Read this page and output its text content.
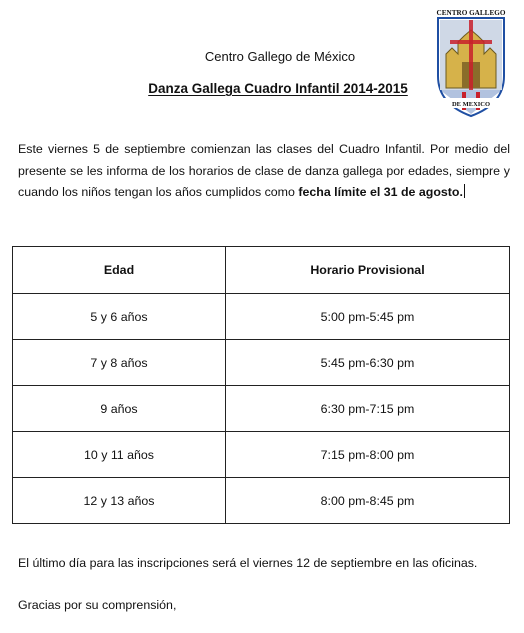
Centro Gallego de México
Danza Gallega Cuadro Infantil 2014-2015
CENTRO GALLEGO
DE MEXICO

Este viernes 5 de septiembre comienzan las clases del Cuadro Infantil. Por medio del presente se les informa de los horarios de clase de danza gallega por edades, siempre y cuando los niños tengan los años cumplidos como fecha límite el 31 de agosto.

Edad	Horario Provisional
5 y 6 años	5:00 pm-5:45 pm
7 y 8 años	5:45 pm-6:30 pm
9 años	6:30 pm-7:15 pm
10 y 11 años	7:15 pm-8:00 pm
12 y 13 años	8:00 pm-8:45 pm

El último día para las inscripciones será el viernes 12 de septiembre en las oficinas.

Gracias por su comprensión,
